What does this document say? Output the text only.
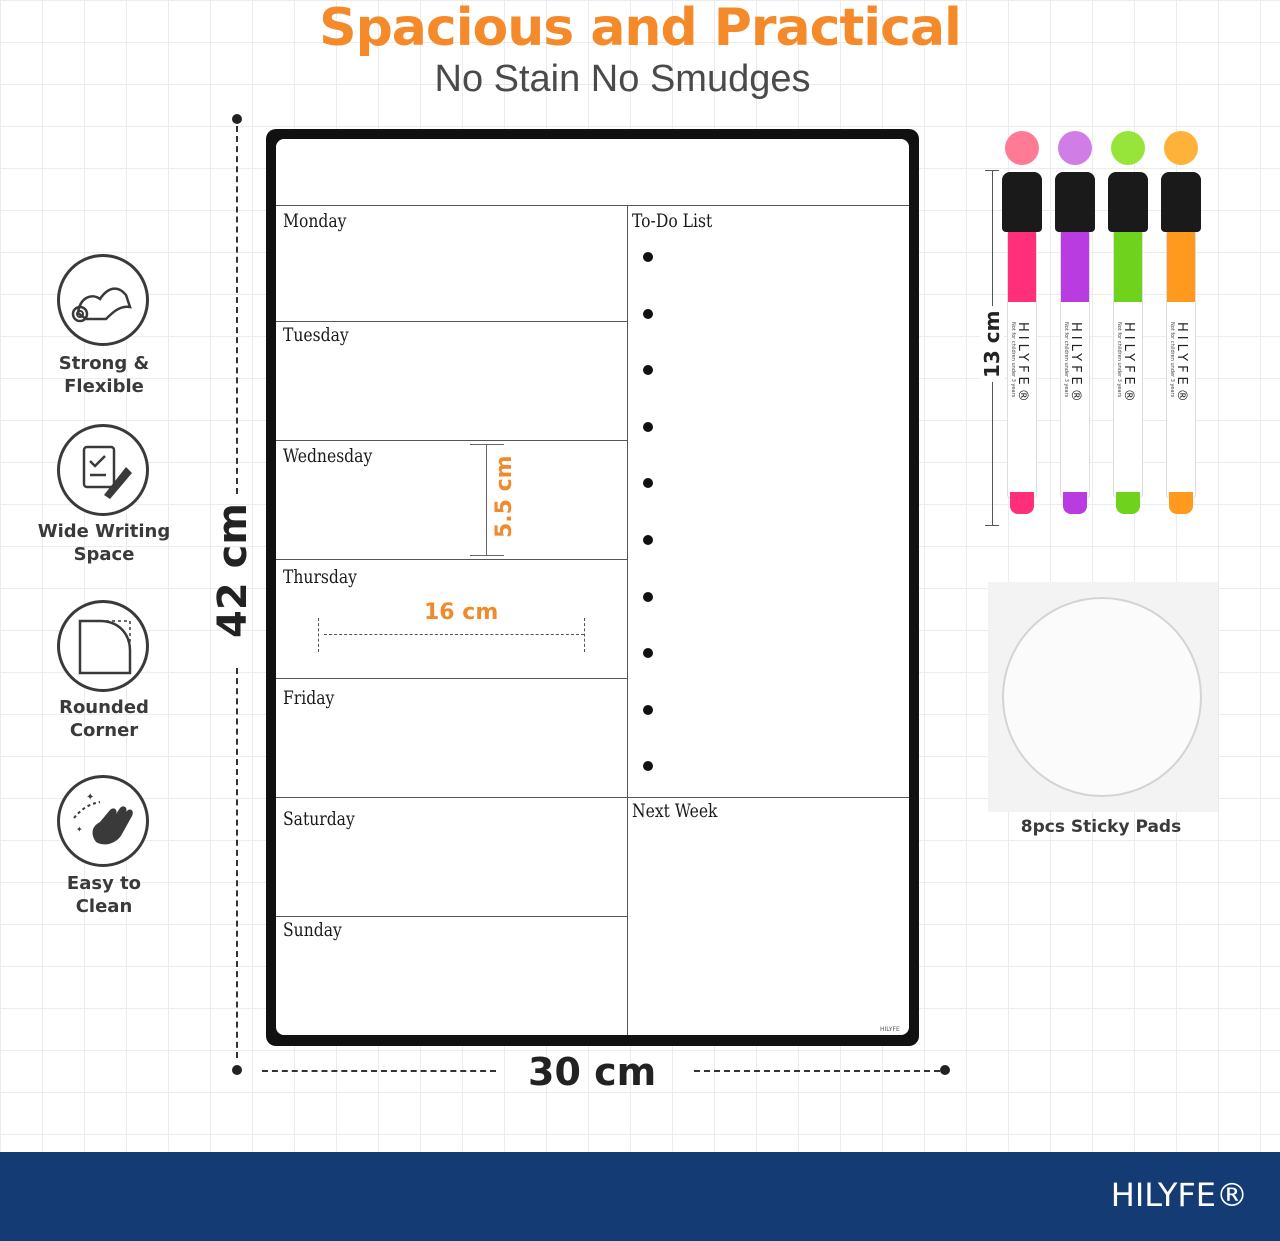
Spacious and Practical
No Stain No Smudges
Strong &
Flexible
Wide Writing
Space
Rounded
Corner
✦
✦
Easy to
Clean
42 cm
30 cm
Monday
Tuesday
Wednesday
Thursday
Friday
Saturday
Sunday
To-Do List
Next Week
5.5 cm
16 cm
HILYFE
13 cm HILYFE®
Not for children under 3 years	HILYFE®
Not for children under 3 years	HILYFE®
Not for children under 3 years	HILYFE®
Not for children under 3 years
8pcs Sticky Pads
HILYFE®
